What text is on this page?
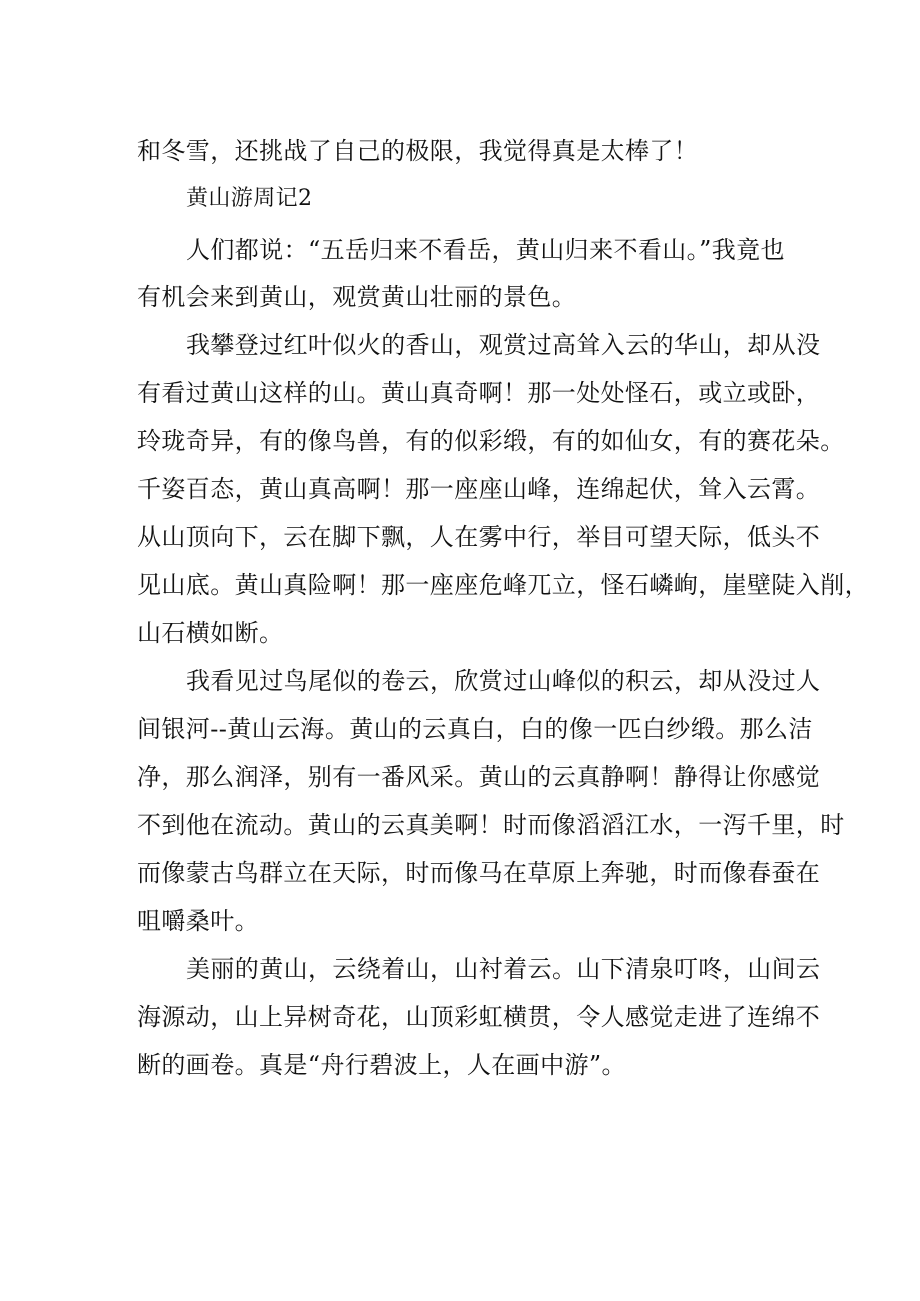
和冬雪，还挑战了自己的极限，我觉得真是太棒了！
黄山游周记2
人们都说：“五岳归来不看岳，黄山归来不看山。”我竟也
有机会来到黄山，观赏黄山壮丽的景色。
我攀登过红叶似火的香山，观赏过高耸入云的华山，却从没
有看过黄山这样的山。黄山真奇啊！那一处处怪石，或立或卧，
玲珑奇异，有的像鸟兽，有的似彩缎，有的如仙女，有的赛花朵。
千姿百态，黄山真高啊！那一座座山峰，连绵起伏，耸入云霄。
从山顶向下，云在脚下飘，人在雾中行，举目可望天际，低头不
见山底。黄山真险啊！那一座座危峰兀立，怪石嶙峋，崖壁陡入削，
山石横如断。
我看见过鸟尾似的卷云，欣赏过山峰似的积云，却从没过人
间银河--黄山云海。黄山的云真白，白的像一匹白纱缎。那么洁
净，那么润泽，别有一番风采。黄山的云真静啊！静得让你感觉
不到他在流动。黄山的云真美啊！时而像滔滔江水，一泻千里，时
而像蒙古鸟群立在天际，时而像马在草原上奔驰，时而像春蚕在
咀嚼桑叶。
美丽的黄山，云绕着山，山衬着云。山下清泉叮咚，山间云
海源动，山上异树奇花，山顶彩虹横贯，令人感觉走进了连绵不
断的画卷。真是“舟行碧波上，人在画中游”。
